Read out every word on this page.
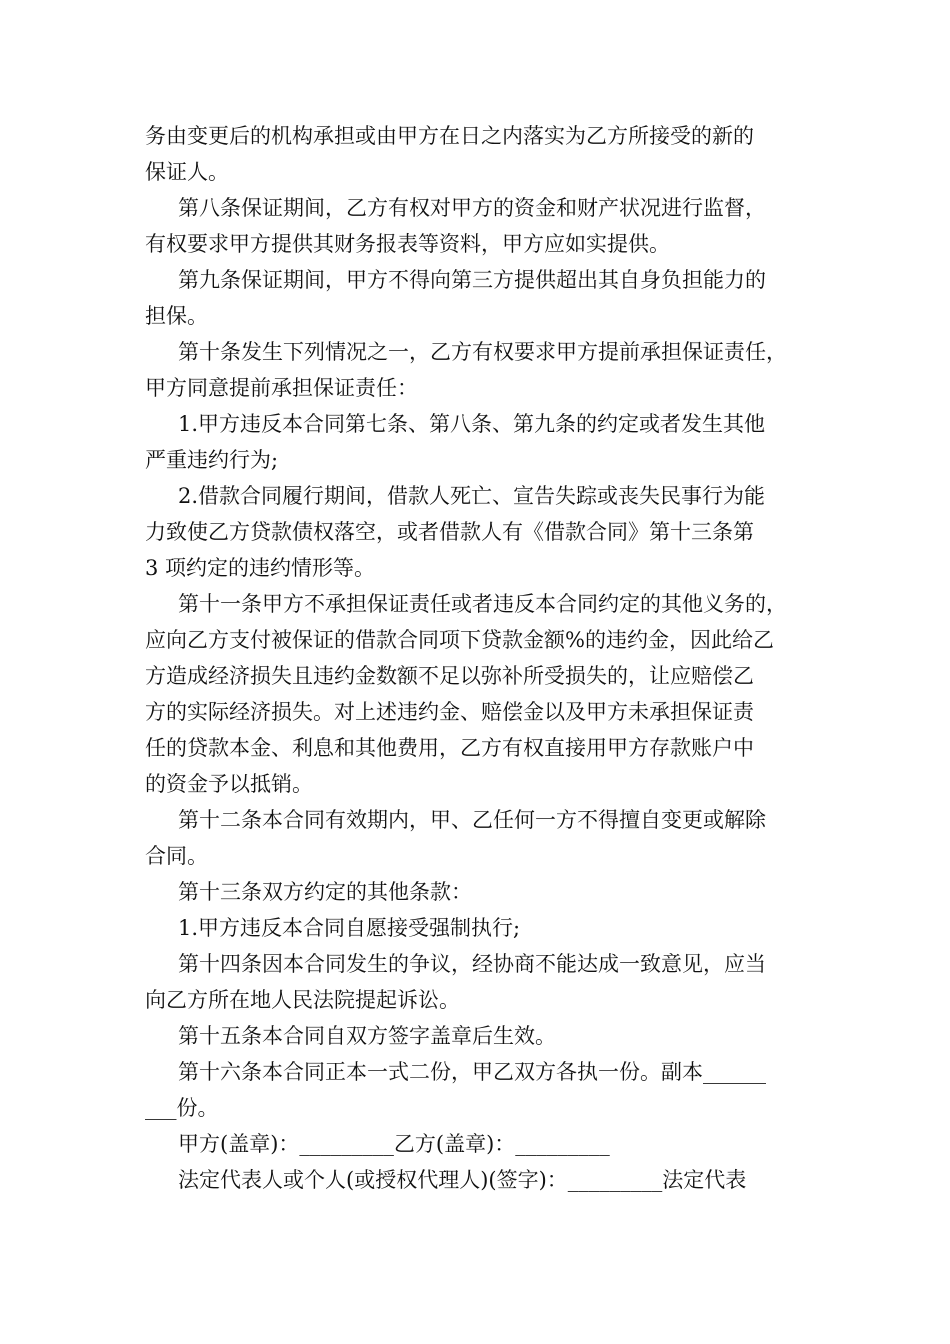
务由变更后的机构承担或由甲方在日之内落实为乙方所接受的新的
保证人。
第八条保证期间，乙方有权对甲方的资金和财产状况进行监督，
有权要求甲方提供其财务报表等资料，甲方应如实提供。
第九条保证期间，甲方不得向第三方提供超出其自身负担能力的
担保。
第十条发生下列情况之一，乙方有权要求甲方提前承担保证责任，
甲方同意提前承担保证责任：
1.甲方违反本合同第七条、第八条、第九条的约定或者发生其他
严重违约行为;
2.借款合同履行期间，借款人死亡、宣告失踪或丧失民事行为能
力致使乙方贷款债权落空，或者借款人有《借款合同》第十三条第
3 项约定的违约情形等。
第十一条甲方不承担保证责任或者违反本合同约定的其他义务的，
应向乙方支付被保证的借款合同项下贷款金额%的违约金，因此给乙
方造成经济损失且违约金数额不足以弥补所受损失的，让应赔偿乙
方的实际经济损失。对上述违约金、赔偿金以及甲方未承担保证责
任的贷款本金、利息和其他费用，乙方有权直接用甲方存款账户中
的资金予以抵销。
第十二条本合同有效期内，甲、乙任何一方不得擅自变更或解除
合同。
第十三条双方约定的其他条款：
1.甲方违反本合同自愿接受强制执行;
第十四条因本合同发生的争议，经协商不能达成一致意见，应当
向乙方所在地人民法院提起诉讼。
第十五条本合同自双方签字盖章后生效。
第十六条本合同正本一式二份，甲乙双方各执一份。副本______
___份。
甲方(盖章)：_________乙方(盖章)：_________
法定代表人或个人(或授权代理人)(签字)：_________法定代表
